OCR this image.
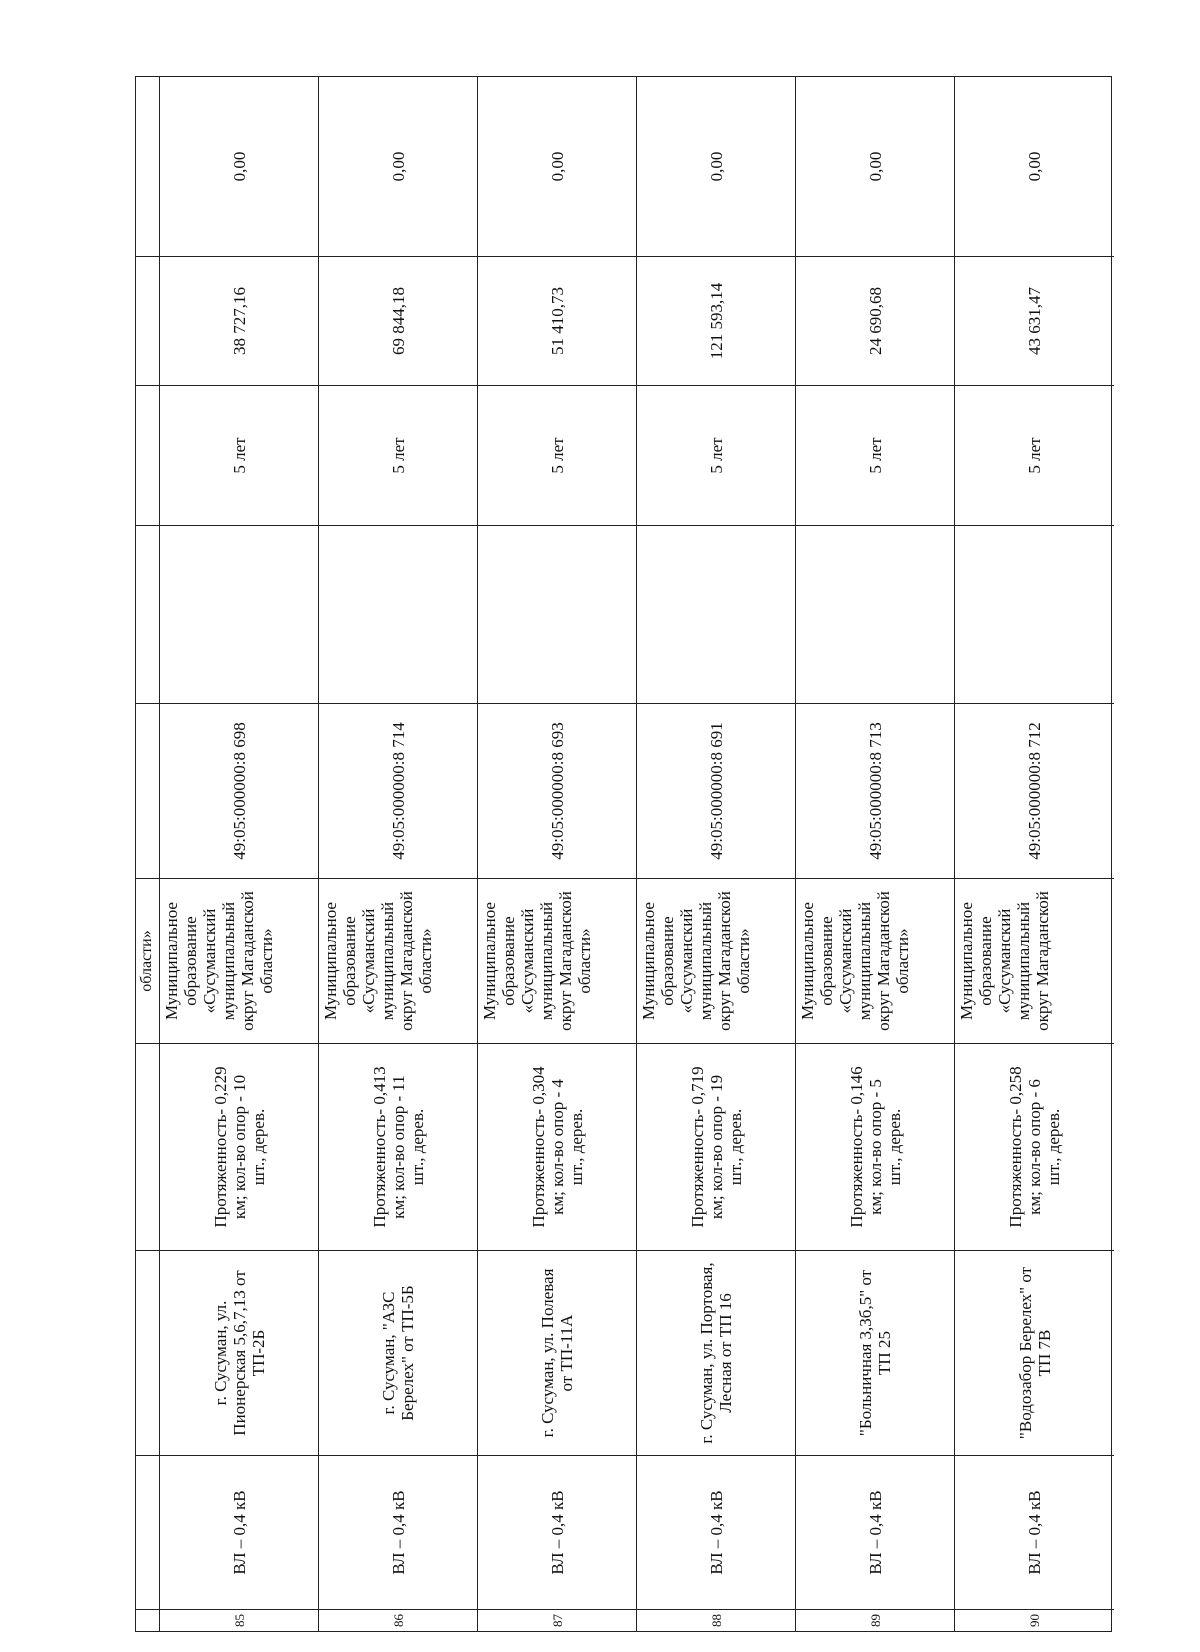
области»
85
ВЛ – 0,4 кВ
г. Сусуман, ул. Пионерская 5,6,7,13 от ТП-2Б
Протяженность- 0,229 км; кол-во опор - 10 шт., дерев.
Муниципальное образование «Сусуманский муниципальный округ Магаданской области»
49:05:000000:8 698
5 лет
38 727,16
0,00
86
ВЛ – 0,4 кВ
г. Сусуман, "АЗС Берелех" от ТП-5Б
Протяженность- 0,413 км; кол-во опор - 11 шт., дерев.
Муниципальное образование «Сусуманский муниципальный округ Магаданской области»
49:05:000000:8 714
5 лет
69 844,18
0,00
87
ВЛ – 0,4 кВ
г. Сусуман, ул. Полевая от ТП-11А
Протяженность- 0,304 км; кол-во опор - 4 шт., дерев.
Муниципальное образование «Сусуманский муниципальный округ Магаданской области»
49:05:000000:8 693
5 лет
51 410,73
0,00
88
ВЛ – 0,4 кВ
г. Сусуман, ул. Портовая, Лесная от ТП 16
Протяженность- 0,719 км; кол-во опор - 19 шт., дерев.
Муниципальное образование «Сусуманский муниципальный округ Магаданской области»
49:05:000000:8 691
5 лет
121 593,14
0,00
89
ВЛ – 0,4 кВ
"Больничная 3,3б,5" от ТП 25
Протяженность- 0,146 км; кол-во опор - 5 шт., дерев.
Муниципальное образование «Сусуманский муниципальный округ Магаданской области»
49:05:000000:8 713
5 лет
24 690,68
0,00
90
ВЛ – 0,4 кВ
"Водозабор Берелех" от ТП 7В
Протяженность- 0,258 км; кол-во опор - 6 шт., дерев.
Муниципальное образование «Сусуманский муниципальный округ Магаданской
49:05:000000:8 712
5 лет
43 631,47
0,00
